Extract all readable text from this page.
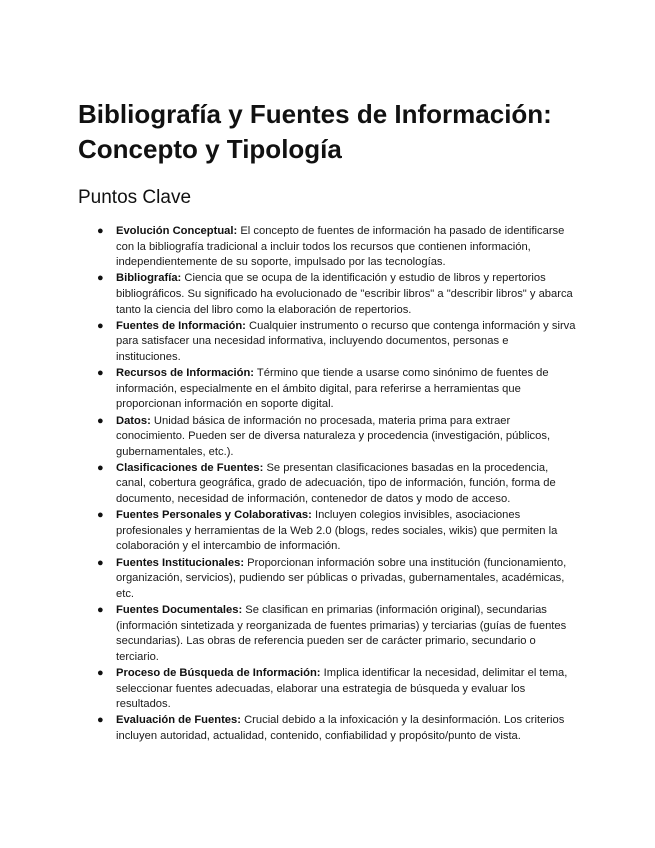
Bibliografía y Fuentes de Información: Concepto y Tipología
Puntos Clave
● Evolución Conceptual: El concepto de fuentes de información ha pasado de identificarse con la bibliografía tradicional a incluir todos los recursos que contienen información, independientemente de su soporte, impulsado por las tecnologías.
● Bibliografía: Ciencia que se ocupa de la identificación y estudio de libros y repertorios bibliográficos. Su significado ha evolucionado de "escribir libros" a "describir libros" y abarca tanto la ciencia del libro como la elaboración de repertorios.
● Fuentes de Información: Cualquier instrumento o recurso que contenga información y sirva para satisfacer una necesidad informativa, incluyendo documentos, personas e instituciones.
● Recursos de Información: Término que tiende a usarse como sinónimo de fuentes de información, especialmente en el ámbito digital, para referirse a herramientas que proporcionan información en soporte digital.
● Datos: Unidad básica de información no procesada, materia prima para extraer conocimiento. Pueden ser de diversa naturaleza y procedencia (investigación, públicos, gubernamentales, etc.).
● Clasificaciones de Fuentes: Se presentan clasificaciones basadas en la procedencia, canal, cobertura geográfica, grado de adecuación, tipo de información, función, forma de documento, necesidad de información, contenedor de datos y modo de acceso.
● Fuentes Personales y Colaborativas: Incluyen colegios invisibles, asociaciones profesionales y herramientas de la Web 2.0 (blogs, redes sociales, wikis) que permiten la colaboración y el intercambio de información.
● Fuentes Institucionales: Proporcionan información sobre una institución (funcionamiento, organización, servicios), pudiendo ser públicas o privadas, gubernamentales, académicas, etc.
● Fuentes Documentales: Se clasifican en primarias (información original), secundarias (información sintetizada y reorganizada de fuentes primarias) y terciarias (guías de fuentes secundarias). Las obras de referencia pueden ser de carácter primario, secundario o terciario.
● Proceso de Búsqueda de Información: Implica identificar la necesidad, delimitar el tema, seleccionar fuentes adecuadas, elaborar una estrategia de búsqueda y evaluar los resultados.
● Evaluación de Fuentes: Crucial debido a la infoxicación y la desinformación. Los criterios incluyen autoridad, actualidad, contenido, confiabilidad y propósito/punto de vista.
